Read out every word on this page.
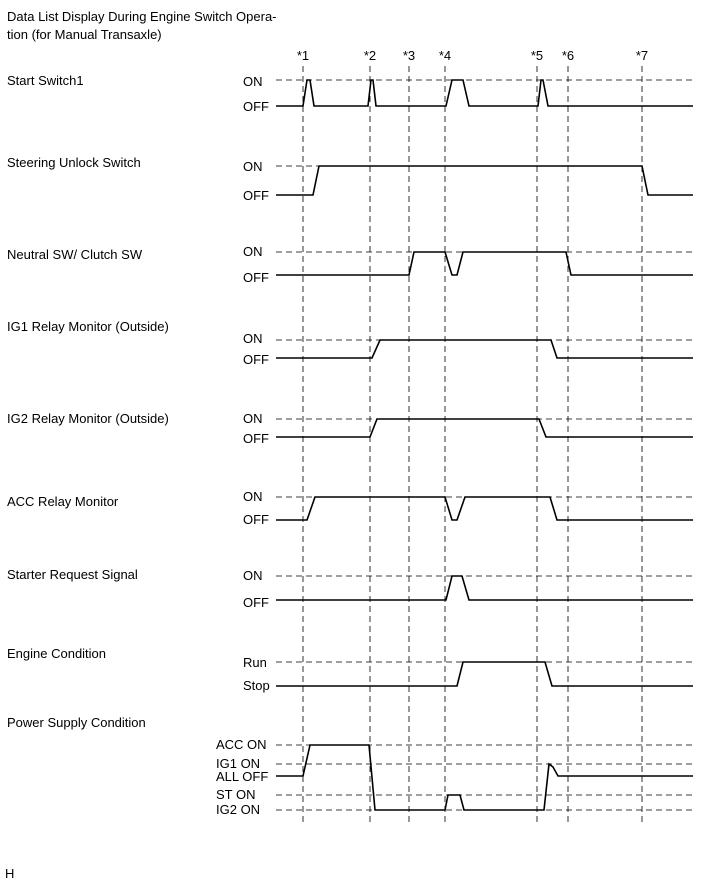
Data List Display During Engine Switch Opera-
tion (for Manual Transaxle)
*1	*2 *3 *4	*5 *6	*7
Start Switch1	ON
OFF
Steering Unlock Switch	ON
OFF
Neutral SW/ Clutch SW	ON
OFF
IG1 Relay Monitor (Outside)
ON
OFF
IG2 Relay Monitor (Outside)	ON
OFF
ACC Relay Monitor	ON
OFF
Starter Request Signal	ON
OFF
Engine Condition
Run
Stop
Power Supply Condition
ACC ON
IG1 ON
ALL OFF
ST ON
IG2 ON
H
